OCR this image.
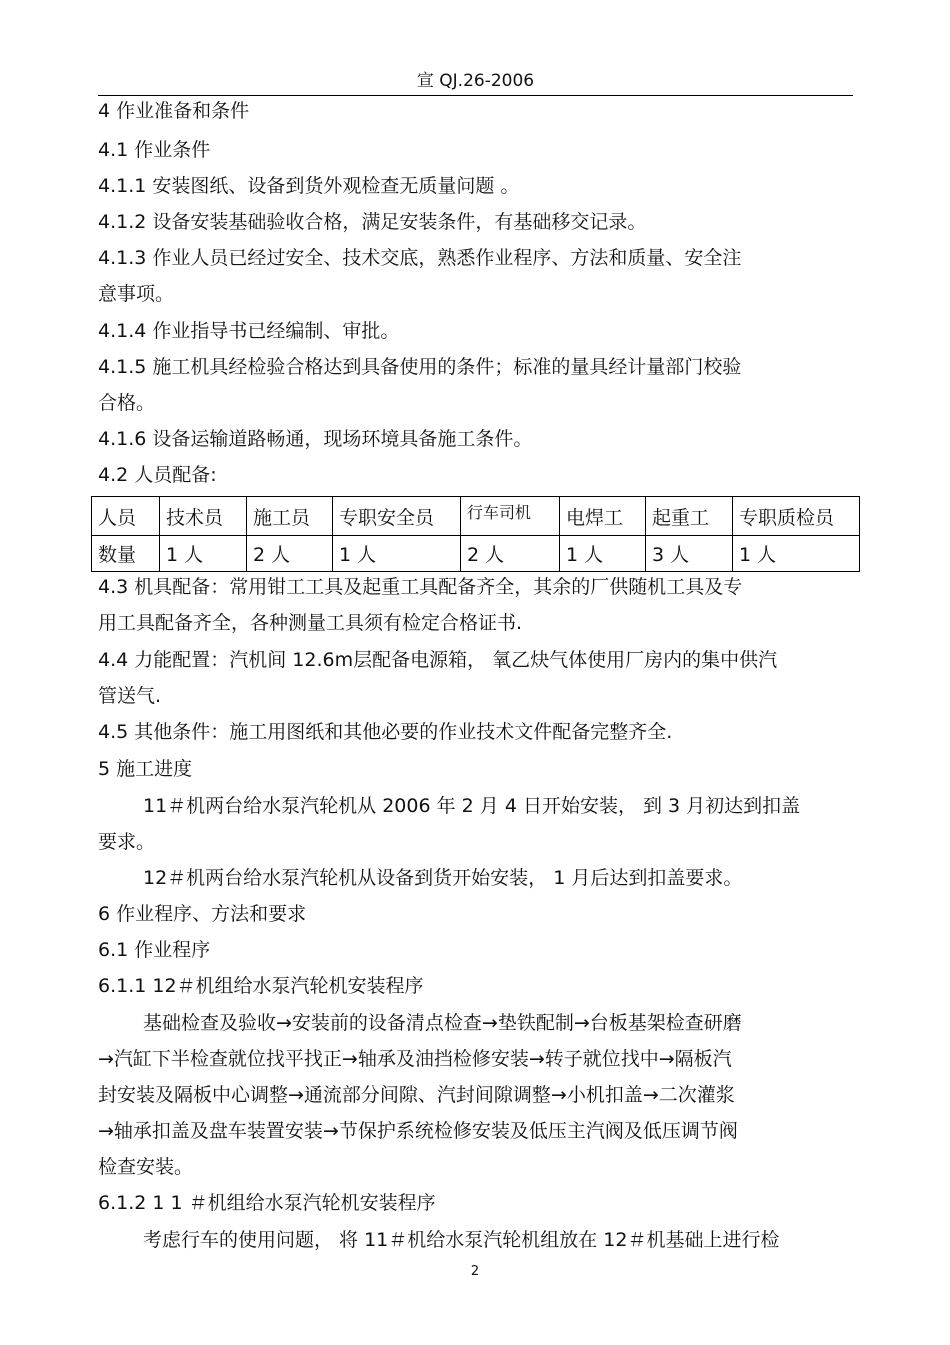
宣 QJ.26-2006
4 作业准备和条件
4.1 作业条件
4.1.1 安装图纸、设备到货外观检查无质量问题 。
4.1.2 设备安装基础验收合格，满足安装条件，有基础移交记录。
4.1.3 作业人员已经过安全、技术交底，熟悉作业程序、方法和质量、安全注
意事项。
4.1.4 作业指导书已经编制、审批。
4.1.5 施工机具经检验合格达到具备使用的条件；标准的量具经计量部门校验
合格。
4.1.6 设备运输道路畅通，现场环境具备施工条件。
4.2 人员配备:
人员	技术员	施工员	专职安全员	行车司机	电焊工	起重工	专职质检员
数量	1 人	2 人	1 人	2 人	1 人	3 人	1 人
4.3 机具配备：常用钳工工具及起重工具配备齐全，其余的厂供随机工具及专
用工具配备齐全，各种测量工具须有检定合格证书.
4.4 力能配置：汽机间 12.6m层配备电源箱， 氧乙炔气体使用厂房内的集中供汽
管送气.
4.5 其他条件：施工用图纸和其他必要的作业技术文件配备完整齐全.
5 施工进度
11＃机两台给水泵汽轮机从 2006 年 2 月 4 日开始安装， 到 3 月初达到扣盖
要求。
12＃机两台给水泵汽轮机从设备到货开始安装， 1 月后达到扣盖要求。
6 作业程序、方法和要求
6.1 作业程序
6.1.1 12＃机组给水泵汽轮机安装程序
基础检查及验收→安装前的设备清点检查→垫铁配制→台板基架检查研磨
→汽缸下半检查就位找平找正→轴承及油挡检修安装→转子就位找中→隔板汽
封安装及隔板中心调整→通流部分间隙、汽封间隙调整→小机扣盖→二次灌浆
→轴承扣盖及盘车装置安装→节保护系统检修安装及低压主汽阀及低压调节阀
检查安装。
6.1.2 1 1 ＃机组给水泵汽轮机安装程序
考虑行车的使用问题， 将 11＃机给水泵汽轮机组放在 12＃机基础上进行检
2
